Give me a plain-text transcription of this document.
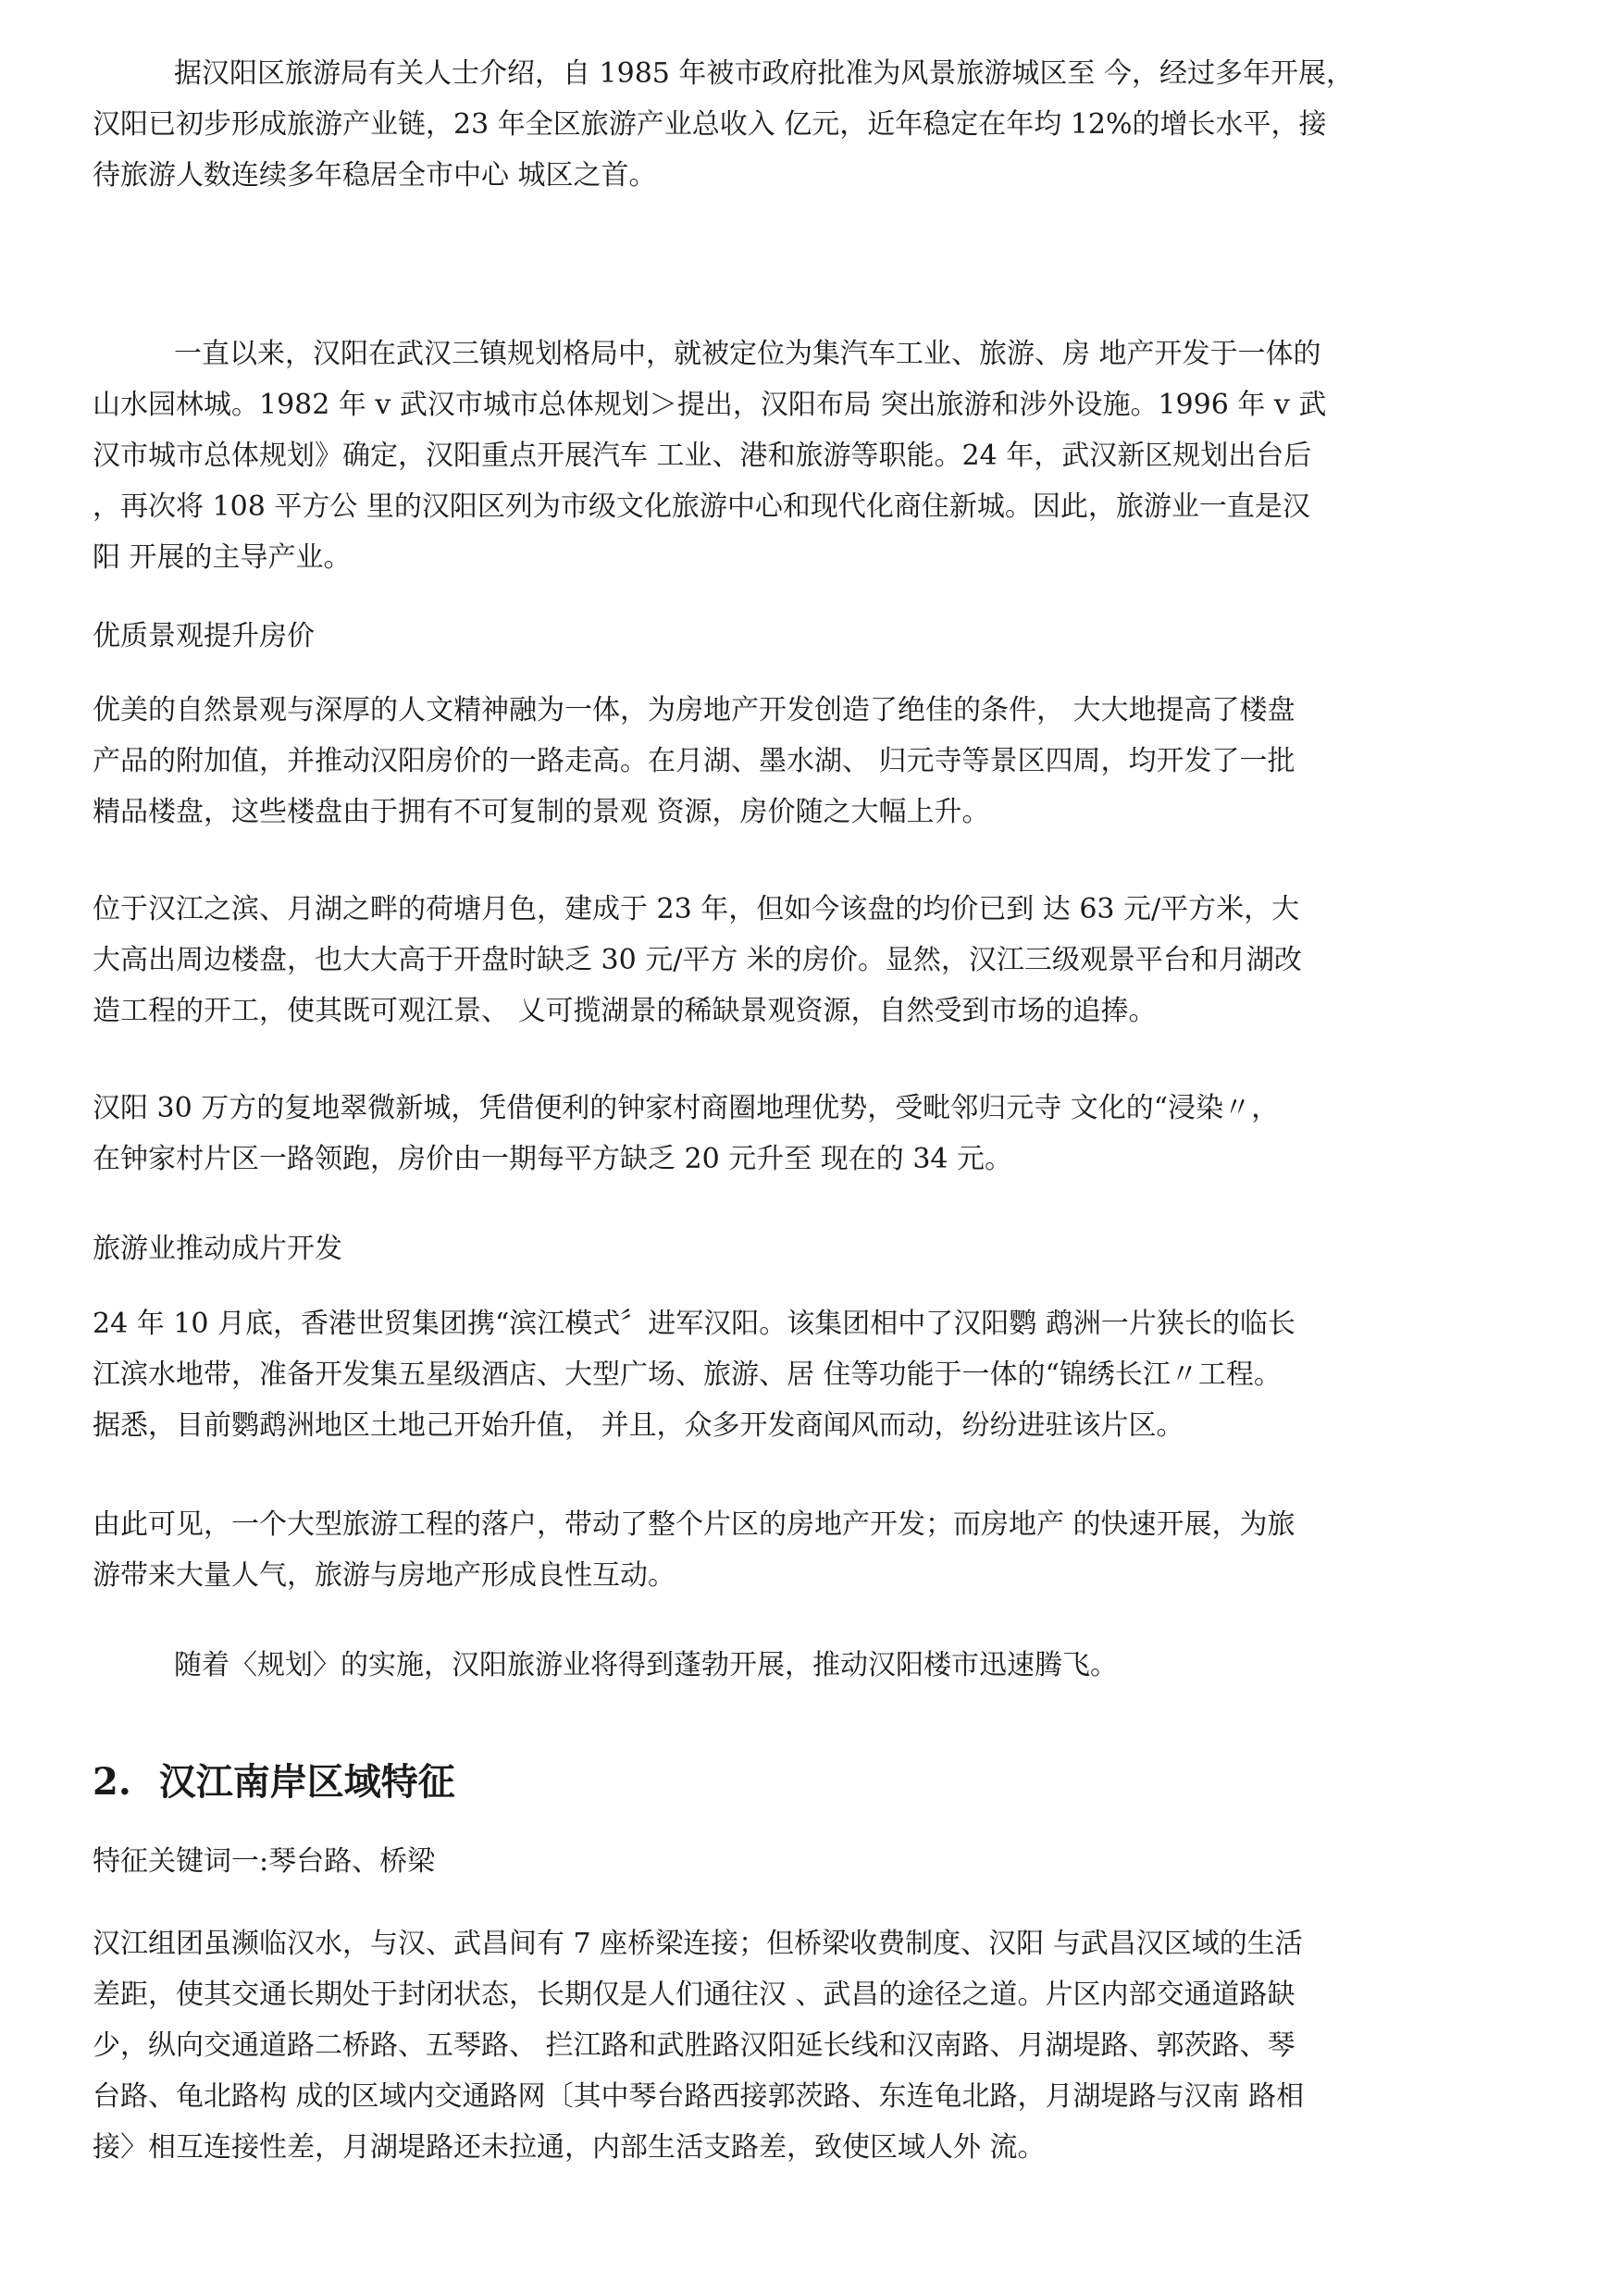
据汉阳区旅游局有关人士介绍，自 1985 年被市政府批准为风景旅游城区至 今，经过多年开展，
汉阳已初步形成旅游产业链，23 年全区旅游产业总收入 亿元，近年稳定在年均 12%的增长水平，接
待旅游人数连续多年稳居全市中心 城区之首。

一直以来，汉阳在武汉三镇规划格局中，就被定位为集汽车工业、旅游、房 地产开发于一体的
山水园林城。1982 年 v 武汉市城市总体规划＞提出，汉阳布局 突出旅游和涉外设施。1996 年 v 武
汉市城市总体规划》确定，汉阳重点开展汽车 工业、港和旅游等职能。24 年，武汉新区规划出台后
，再次将 108 平方公 里的汉阳区列为市级文化旅游中心和现代化商住新城。因此，旅游业一直是汉
阳 开展的主导产业。

优质景观提升房价

优美的自然景观与深厚的人文精神融为一体，为房地产开发创造了绝佳的条件， 大大地提高了楼盘
产品的附加值，并推动汉阳房价的一路走高。在月湖、墨水湖、 归元寺等景区四周，均开发了一批
精品楼盘，这些楼盘由于拥有不可复制的景观 资源，房价随之大幅上升。

位于汉江之滨、月湖之畔的荷塘月色，建成于 23 年，但如今该盘的均价已到 达 63 元/平方米，大
大高出周边楼盘，也大大高于开盘时缺乏 30 元/平方 米的房价。显然，汉江三级观景平台和月湖改
造工程的开工，使其既可观江景、 乂可揽湖景的稀缺景观资源，自然受到市场的追捧。

汉阳 30 万方的复地翠微新城，凭借便利的钟家村商圈地理优势，受毗邻归元寺 文化的“浸染〃，
在钟家村片区一路领跑，房价由一期每平方缺乏 20 元升至 现在的 34 元。

旅游业推动成片开发

24 年 10 月底，香港世贸集团携“滨江模式〞进军汉阳。该集团相中了汉阳鹦 鹉洲一片狭长的临长
江滨水地带，准备开发集五星级酒店、大型广场、旅游、居 住等功能于一体的“锦绣长江〃工程。
据悉，目前鹦鹉洲地区土地己开始升值， 并且，众多开发商闻风而动，纷纷进驻该片区。

由此可见，一个大型旅游工程的落户，带动了整个片区的房地产开发；而房地产 的快速开展，为旅
游带来大量人气，旅游与房地产形成良性互动。

随着〈规划〉的实施，汉阳旅游业将得到蓬勃开展，推动汉阳楼市迅速腾飞。

2. 汉江南岸区域特征

特征关键词一:琴台路、桥梁

汉江组团虽濒临汉水，与汉、武昌间有 7 座桥梁连接；但桥梁收费制度、汉阳 与武昌汉区域的生活
差距，使其交通长期处于封闭状态，长期仅是人们通往汉 、武昌的途径之道。片区内部交通道路缺
少，纵向交通道路二桥路、五琴路、 拦江路和武胜路汉阳延长线和汉南路、月湖堤路、郭茨路、琴
台路、龟北路构 成的区域内交通路网〔其中琴台路西接郭茨路、东连龟北路，月湖堤路与汉南 路相
接〉相互连接性差，月湖堤路还未拉通，内部生活支路差，致使区域人外 流。
